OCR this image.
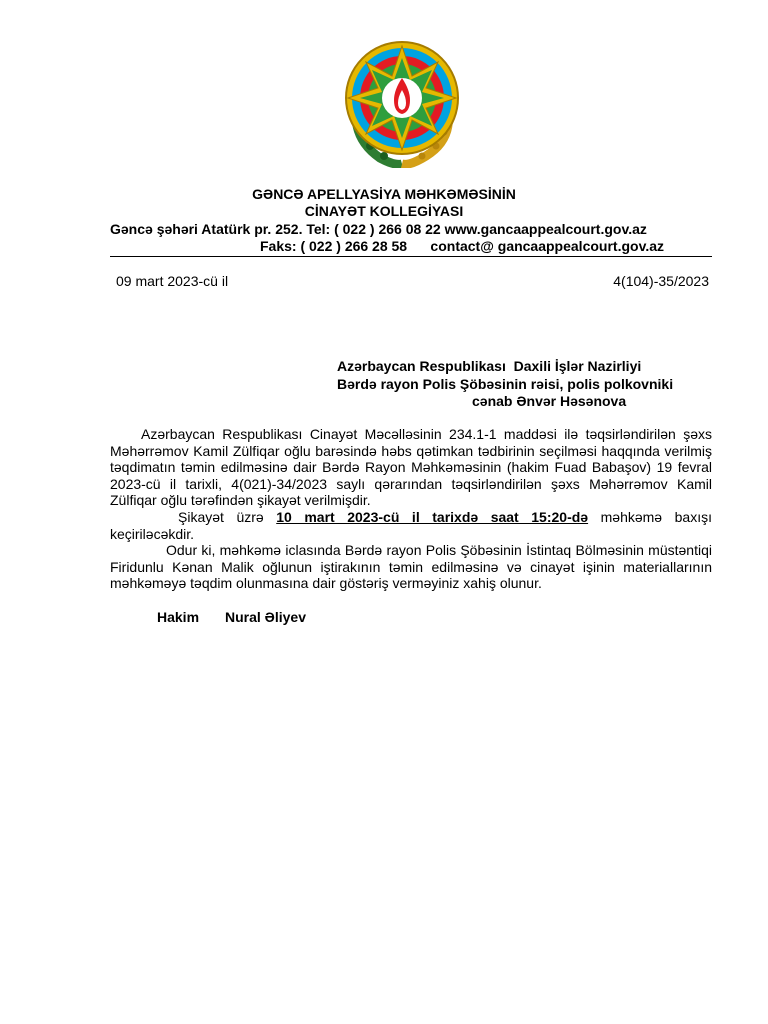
GƏNCƏ APELLYASİYA MƏHKƏMƏSİNİN
CİNAYƏT KOLLEGİYASI
Gəncə şəhəri Atatürk pr. 252. Tel: ( 022 ) 266 08 22 www.gancaappealcourt.gov.az
Faks: ( 022 ) 266 28 58      contact@ gancaappealcourt.gov.az
09 mart 2023-cü il	4(104)-35/2023
Azərbaycan Respublikası  Daxili İşlər Nazirliyi
Bərdə rayon Polis Şöbəsinin rəisi, polis polkovniki
cənab Ənvər Həsənova

Azərbaycan Respublikası Cinayət Məcəlləsinin 234.1-1 maddəsi ilə təqsirləndirilən şəxs Məhərrəmov Kamil Zülfiqar oğlu barəsində həbs qətimkan tədbirinin seçilməsi haqqında verilmiş təqdimatın təmin edilməsinə dair Bərdə Rayon Məhkəməsinin (hakim Fuad Babaşov) 19 fevral 2023-cü il tarixli, 4(021)-34/2023 saylı qərarından təqsirləndirilən şəxs Məhərrəmov Kamil Zülfiqar oğlu tərəfindən şikayət verilmişdir.

Şikayət üzrə 10 mart 2023-cü il tarixdə saat 15:20-də məhkəmə baxışı keçiriləcəkdir.

Odur ki, məhkəmə iclasında Bərdə rayon Polis Şöbəsinin İstintaq Bölməsinin müstəntiqi Firidunlu Kənan Malik oğlunun iştirakının təmin edilməsinə və cinayət işinin materiallarının məhkəməyə təqdim olunmasına dair göstəriş verməyiniz xahiş olunur.

Hakim Nural Əliyev
